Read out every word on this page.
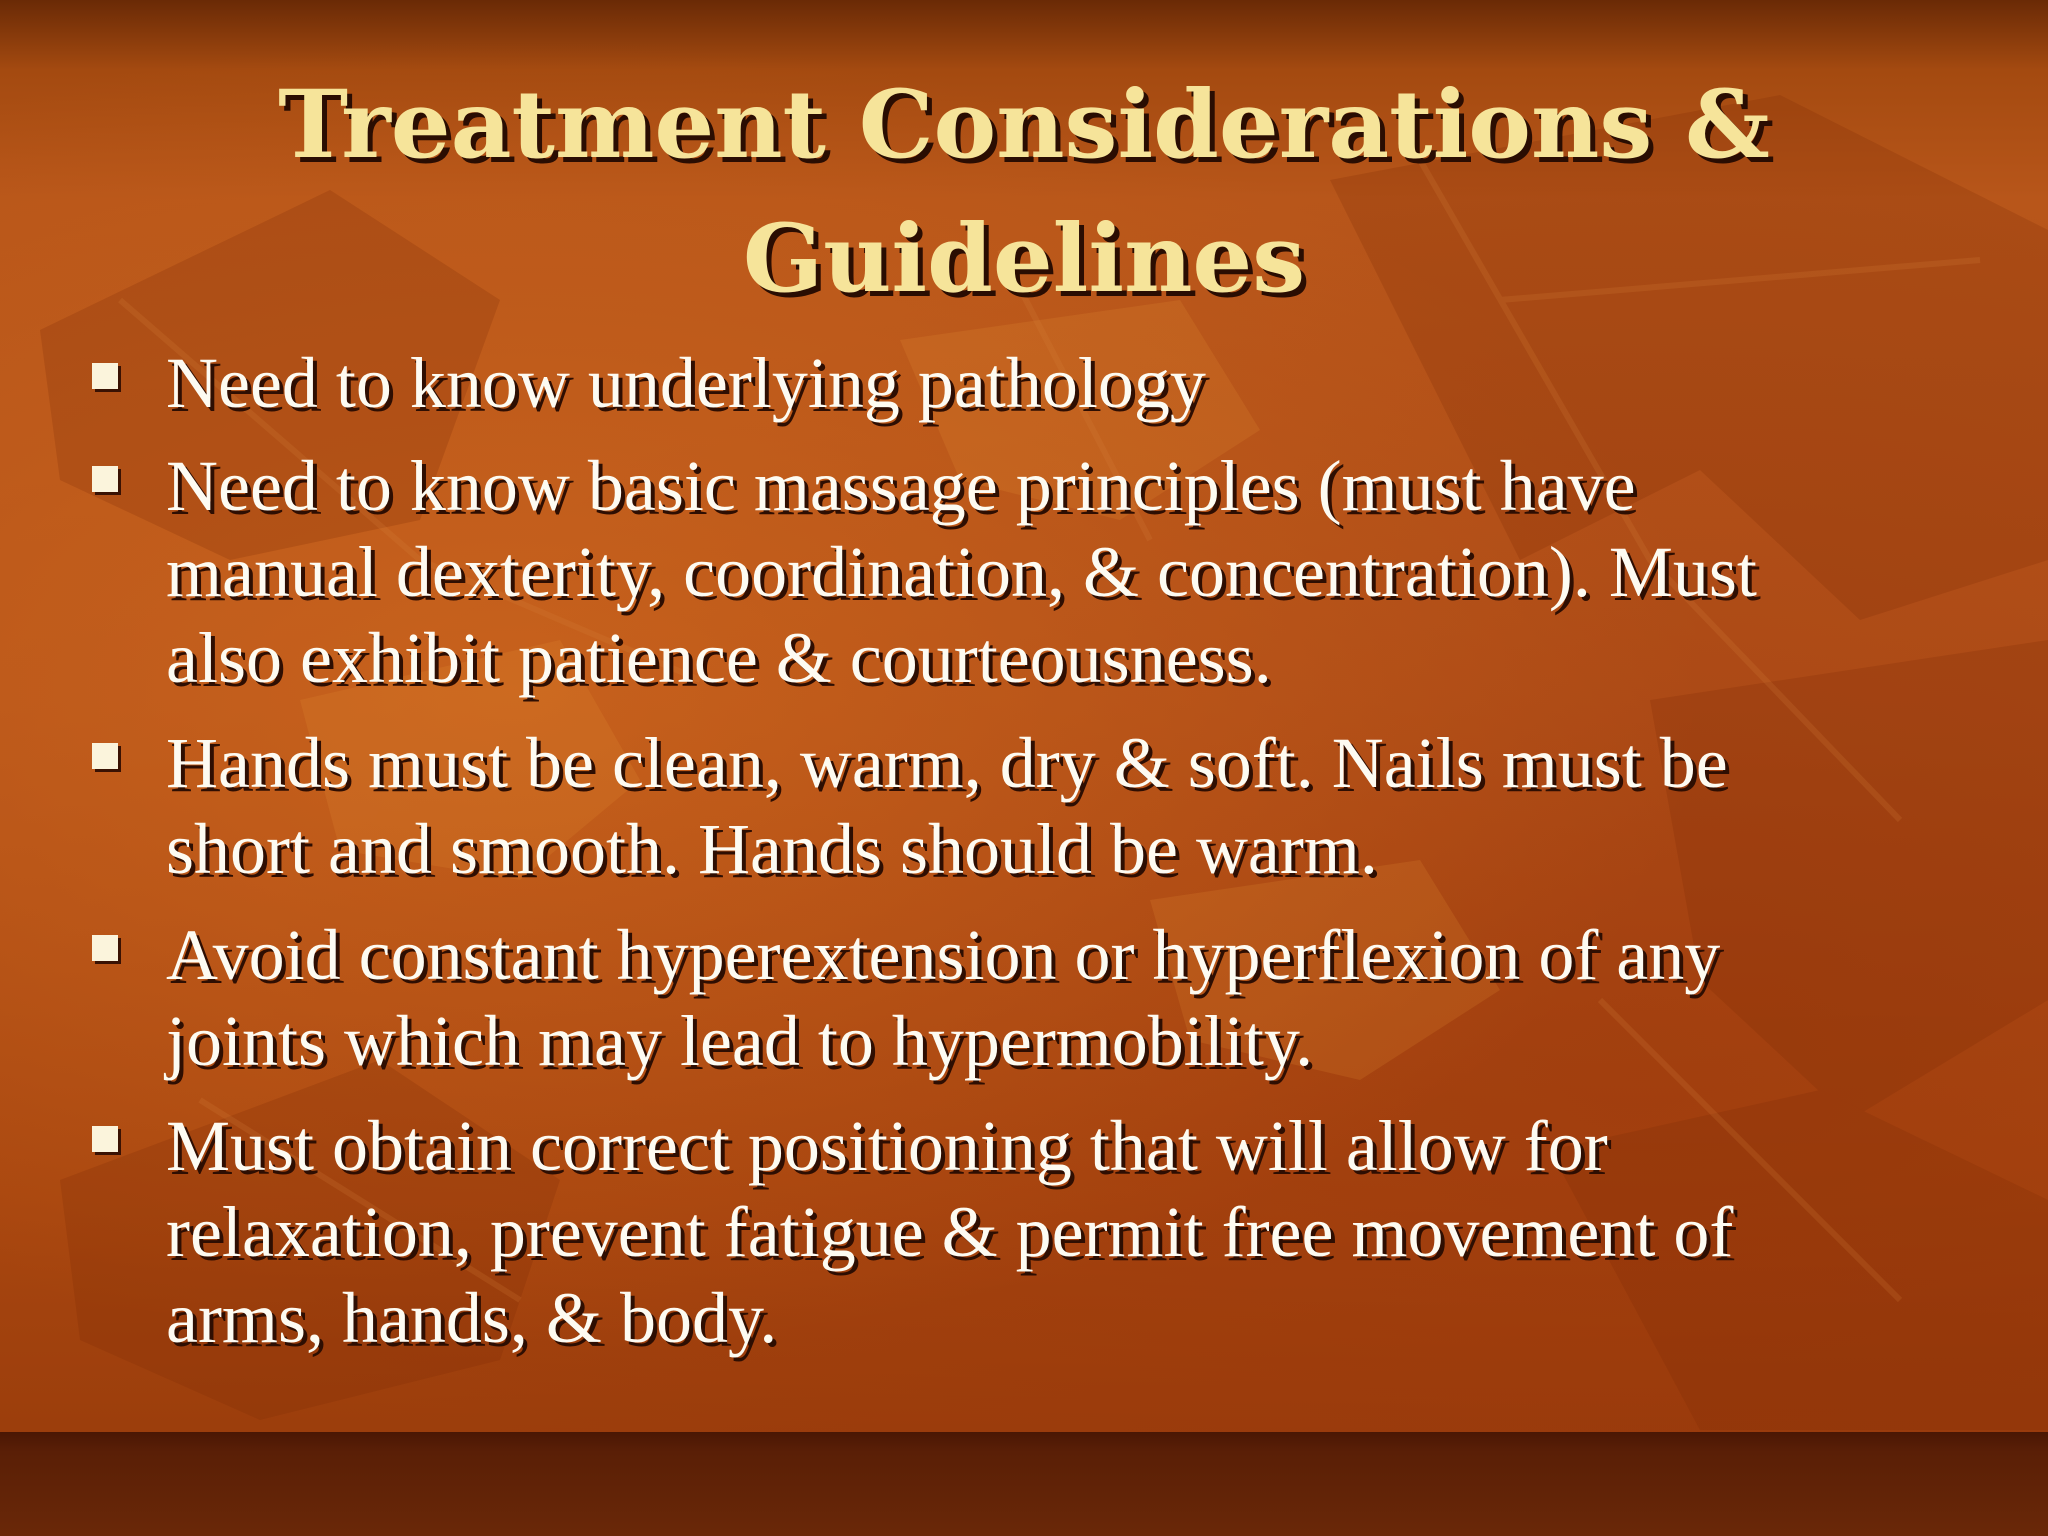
Treatment Considerations &
Guidelines
Need to know underlying pathology
Need to know basic massage principles (must have
manual dexterity, coordination, & concentration). Must
also exhibit patience & courteousness.
Hands must be clean, warm, dry & soft. Nails must be
short and smooth. Hands should be warm.
Avoid constant hyperextension or hyperflexion of any
joints which may lead to hypermobility.
Must obtain correct positioning that will allow for
relaxation, prevent fatigue & permit free movement of
arms, hands, & body.
